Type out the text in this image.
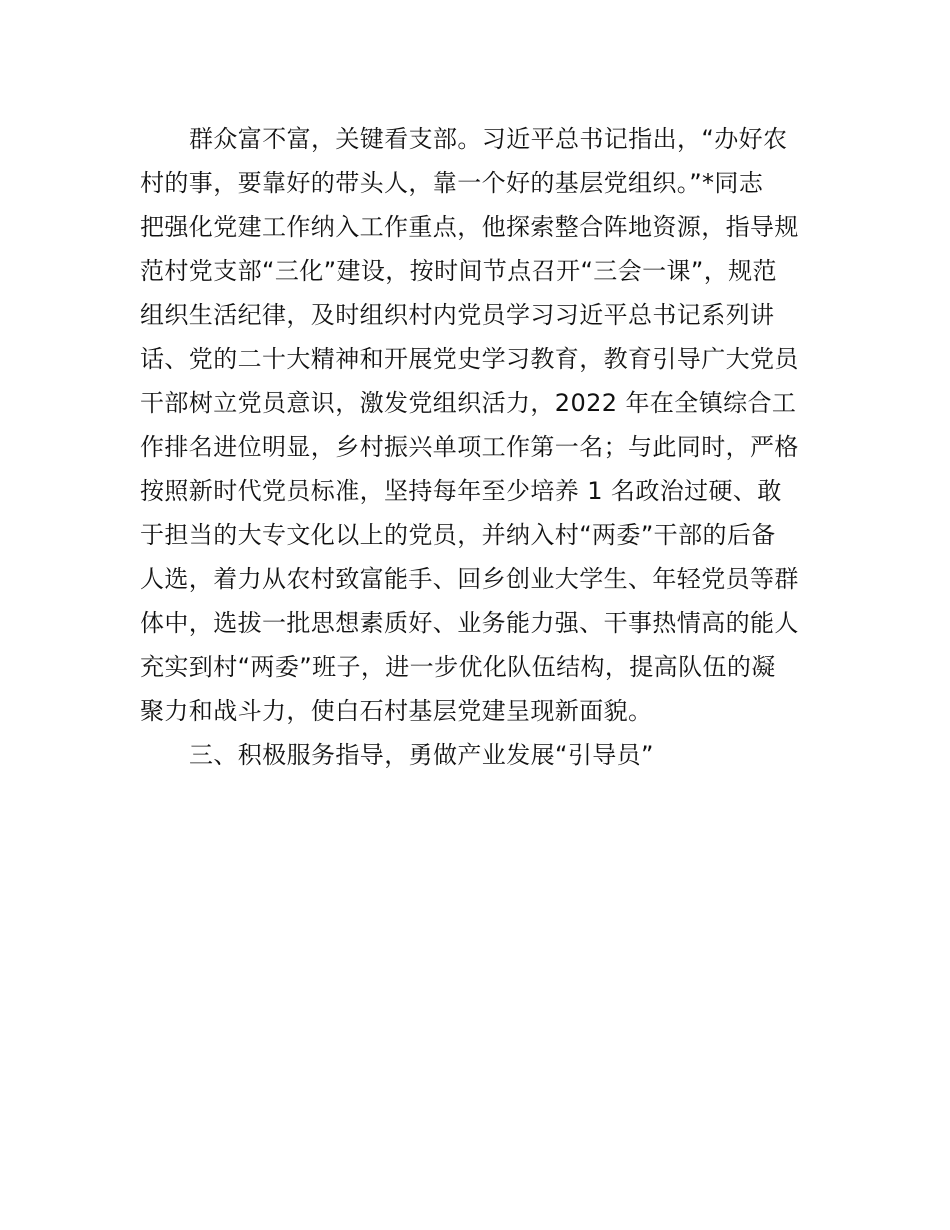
群众富不富，关键看支部。习近平总书记指出，“办好农
村的事，要靠好的带头人，靠一个好的基层党组织。”*同志
把强化党建工作纳入工作重点，他探索整合阵地资源，指导规
范村党支部“三化”建设，按时间节点召开“三会一课”，规范
组织生活纪律，及时组织村内党员学习习近平总书记系列讲
话、党的二十大精神和开展党史学习教育，教育引导广大党员
干部树立党员意识，激发党组织活力，2022 年在全镇综合工
作排名进位明显，乡村振兴单项工作第一名；与此同时，严格
按照新时代党员标准，坚持每年至少培养 1 名政治过硬、敢
于担当的大专文化以上的党员，并纳入村“两委”干部的后备
人选，着力从农村致富能手、回乡创业大学生、年轻党员等群
体中，选拔一批思想素质好、业务能力强、干事热情高的能人
充实到村“两委”班子，进一步优化队伍结构，提高队伍的凝
聚力和战斗力，使白石村基层党建呈现新面貌。
三、积极服务指导，勇做产业发展“引导员”
